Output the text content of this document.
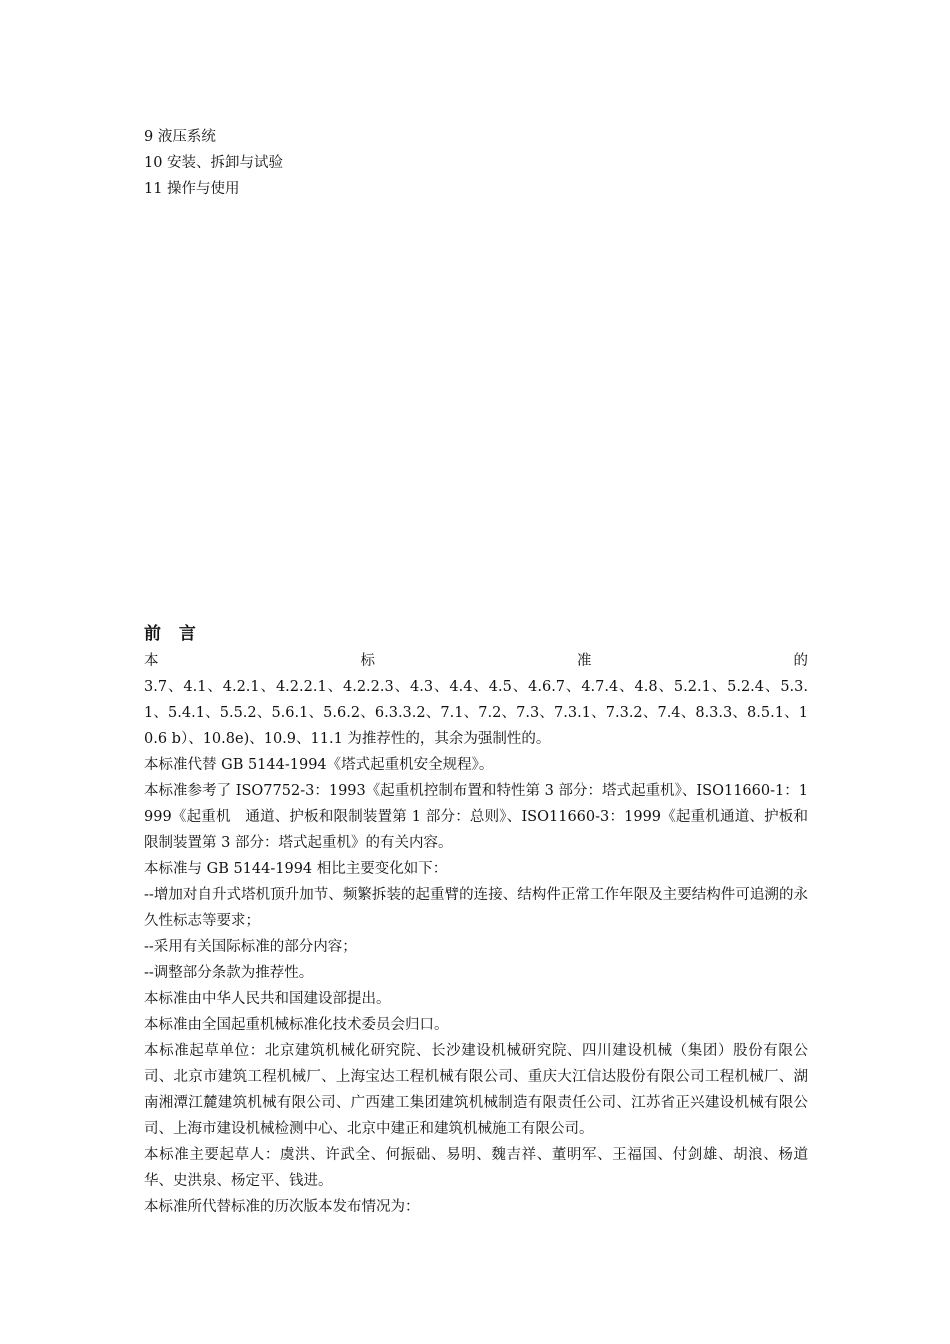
9 液压系统
10 安装、拆卸与试验
11 操作与使用
前 言

本	标	准	的

3.7、4.1、4.2.1、4.2.2.1、4.2.2.3、4.3、4.4、4.5、4.6.7、4.7.4、4.8、5.2.1、5.2.4、5.3.1、5.4.1、5.5.2、5.6.1、5.6.2、6.3.3.2、7.1、7.2、7.3、7.3.1、7.3.2、7.4、8.3.3、8.5.1、10.6 b）、10.8e)、10.9、11.1 为推荐性的，其余为强制性的。

本标准代替 GB 5144-1994《塔式起重机安全规程》。

本标准参考了 ISO7752-3：1993《起重机控制布置和特性第 3 部分：塔式起重机》、ISO11660-1：1999《起重机　通道、护板和限制装置第 1 部分：总则》、ISO11660-3：1999《起重机通道、护板和限制装置第 3 部分：塔式起重机》的有关内容。

本标准与 GB 5144-1994 相比主要变化如下：

--增加对自升式塔机顶升加节、频繁拆装的起重臂的连接、结构件正常工作年限及主要结构件可追溯的永久性标志等要求；

--采用有关国际标准的部分内容；

--调整部分条款为推荐性。

本标准由中华人民共和国建设部提出。

本标准由全国起重机械标准化技术委员会归口。

本标准起草单位：北京建筑机械化研究院、长沙建设机械研究院、四川建设机械（集团）股份有限公司、北京市建筑工程机械厂、上海宝达工程机械有限公司、重庆大江信达股份有限公司工程机械厂、湖南湘潭江麓建筑机械有限公司、广西建工集团建筑机械制造有限责任公司、江苏省正兴建设机械有限公司、上海市建设机械检测中心、北京中建正和建筑机械施工有限公司。

本标准主要起草人：虞洪、许武全、何振础、易明、魏吉祥、董明军、王福国、付剑雄、胡浪、杨道华、史洪泉、杨定平、钱进。

本标准所代替标准的历次版本发布情况为：
